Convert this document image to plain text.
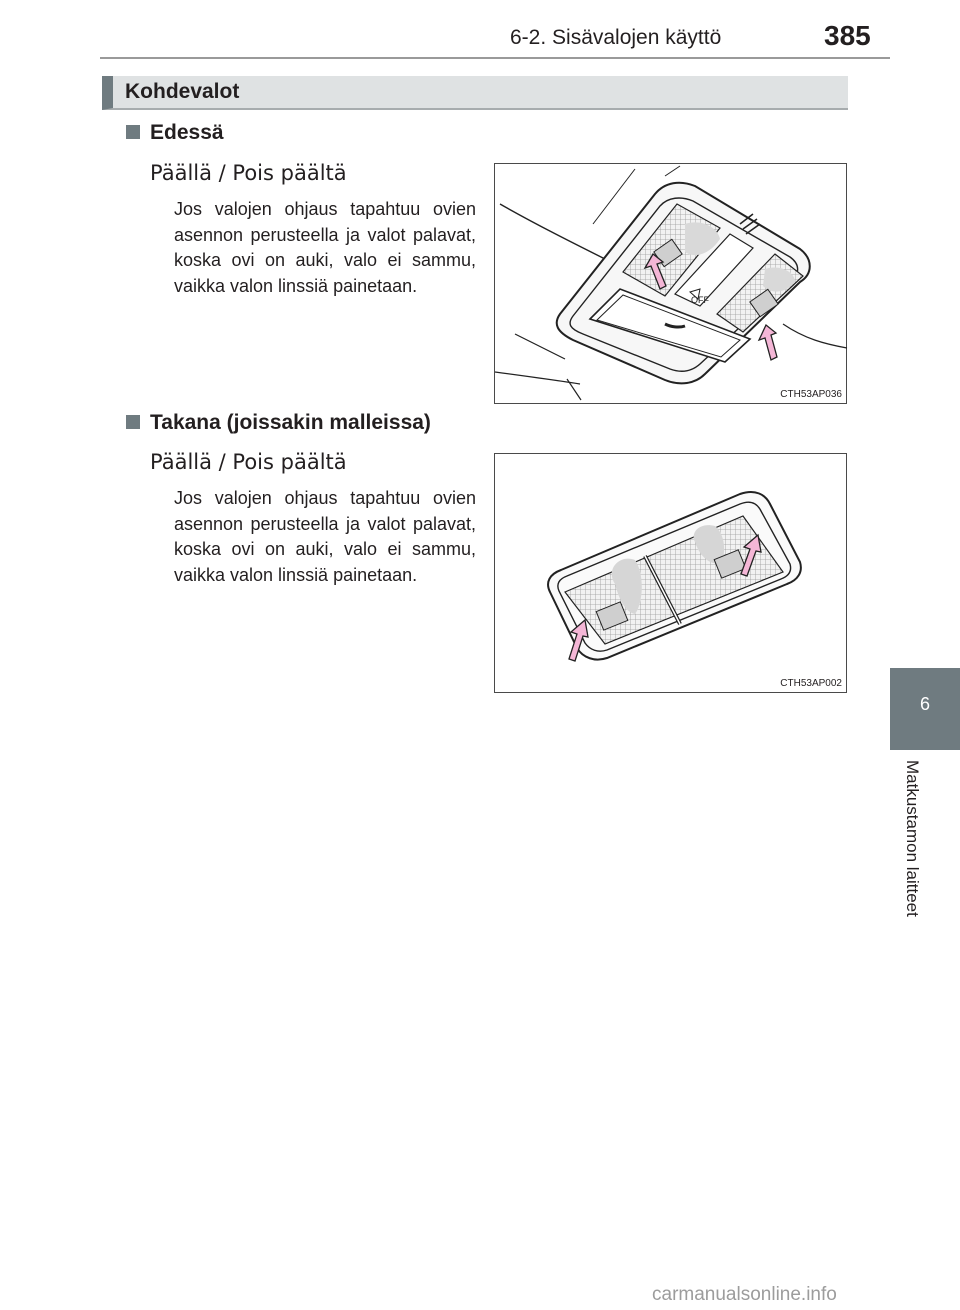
6-2. Sisävalojen käyttö	385
6
Matkustamon laitteet
Kohdevalot
Edessä
Päällä / Pois päältä
Jos valojen ohjaus tapahtuu ovien asennon perusteella ja valot palavat, koska ovi on auki, valo ei sammu, vaikka valon linssiä painetaan.
OFF
CTH53AP036
Takana (joissakin malleissa)
Päällä / Pois päältä
Jos valojen ohjaus tapahtuu ovien asennon perusteella ja valot palavat, koska ovi on auki, valo ei sammu, vaikka valon linssiä painetaan.
CTH53AP002
carmanualsonline.info
